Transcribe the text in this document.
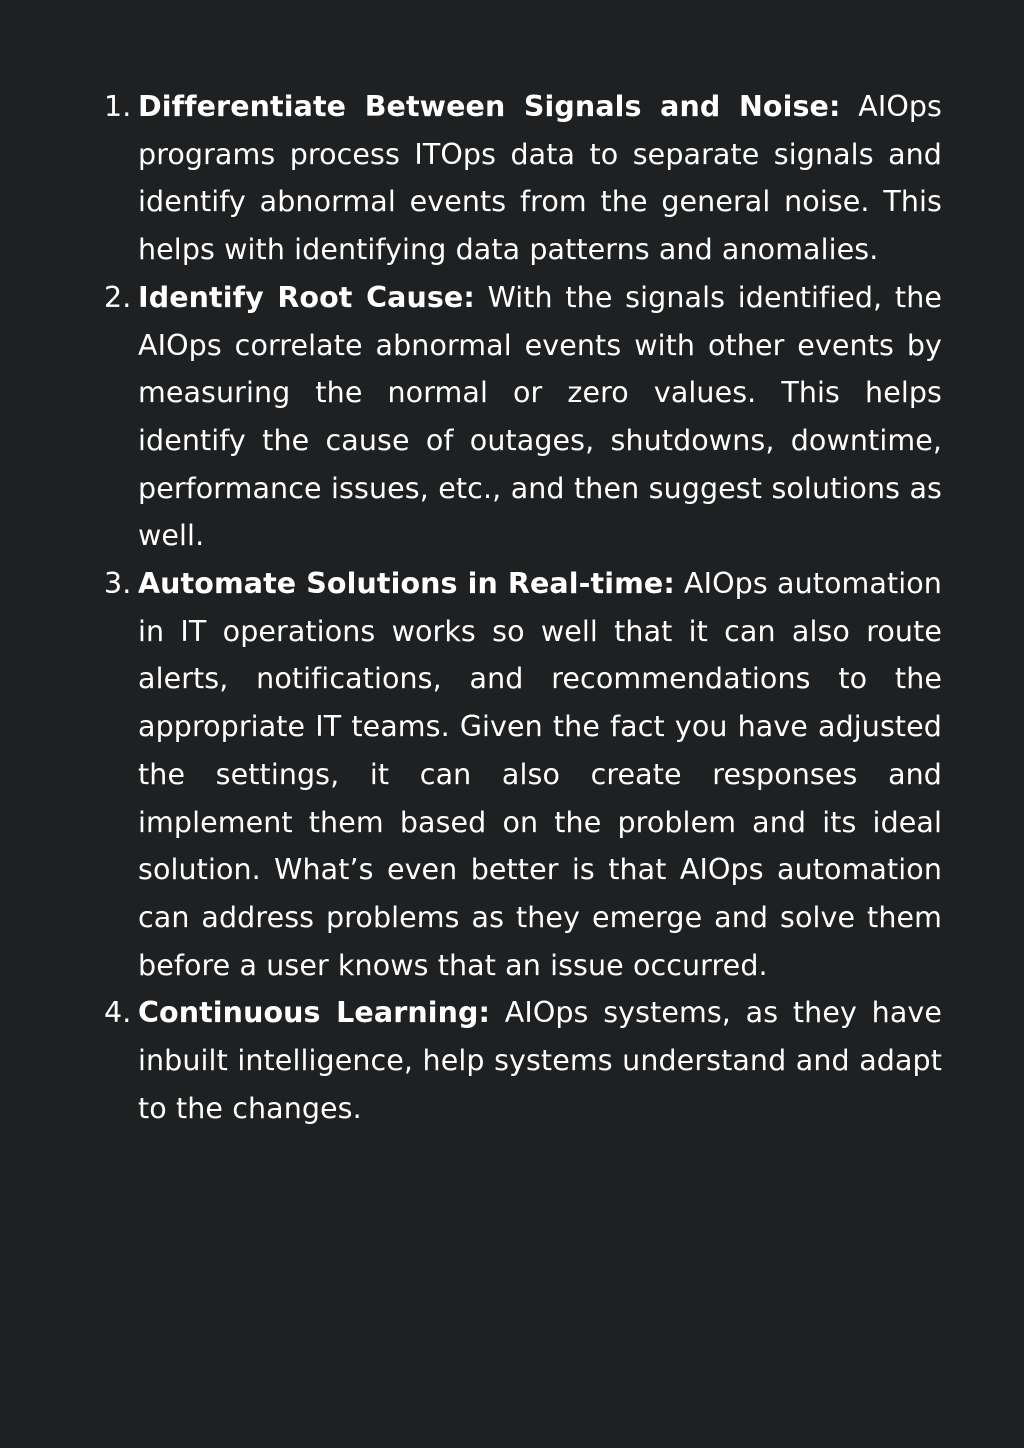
1. Differentiate Between Signals and Noise: AIOps programs process ITOps data to separate signals and identify abnormal events from the general noise. This helps with identifying data patterns and anomalies.
2. Identify Root Cause: With the signals identified, the AIOps correlate abnormal events with other events by measuring the normal or zero values. This helps identify the cause of outages, shutdowns, downtime, performance issues, etc., and then suggest solutions as well.
3. Automate Solutions in Real-time: AIOps automation in IT operations works so well that it can also route alerts, notifications, and recommendations to the appropriate IT teams. Given the fact you have adjusted the settings, it can also create responses and implement them based on the problem and its ideal solution. What’s even better is that AIOps automation can address problems as they emerge and solve them before a user knows that an issue occurred.
4. Continuous Learning: AIOps systems, as they have inbuilt intelligence, help systems understand and adapt to the changes.
